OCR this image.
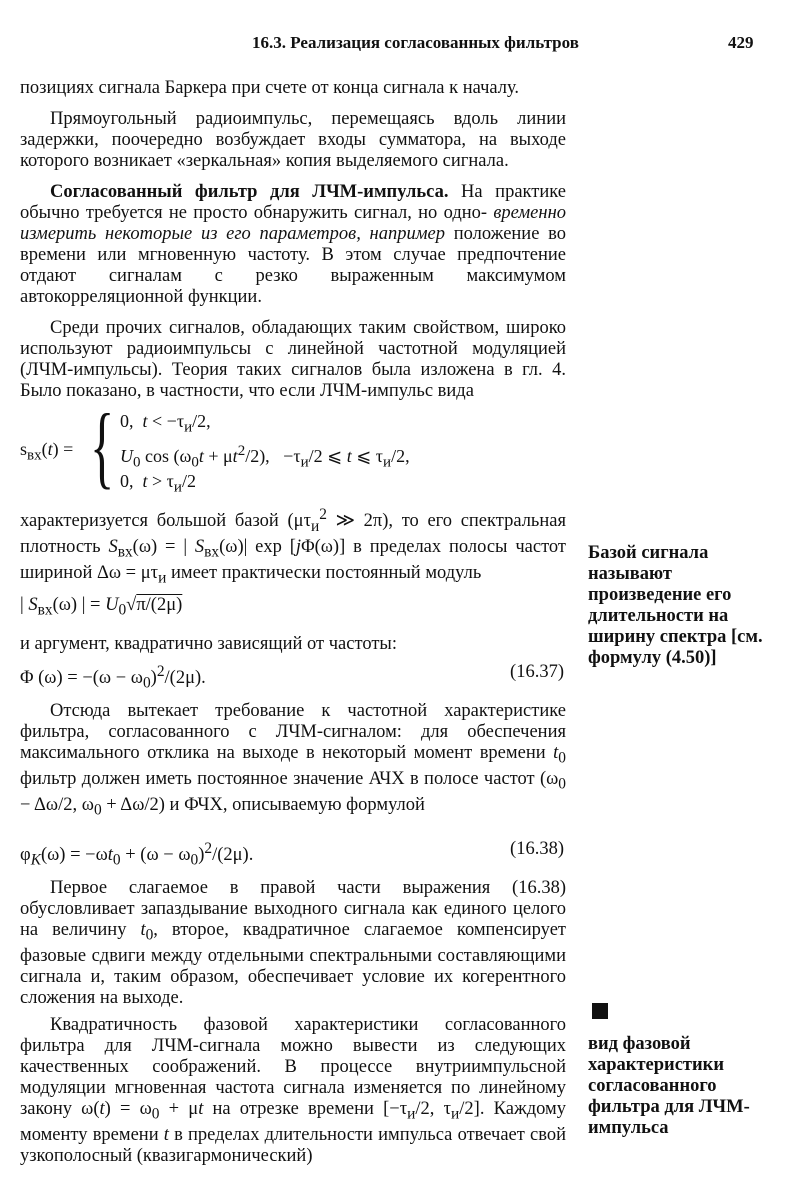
16.3. Реализация согласованных фильтров	429

позициях сигнала Баркера при счете от конца сигнала к началу.

Прямоугольный радиоимпульс, перемещаясь вдоль линии задержки, поочередно возбуждает входы сумматора, на выходе которого возникает «зеркальная» копия выделяемого сигнала.

Согласованный фильтр для ЛЧМ-импульса. На практике обычно требуется не просто обнаружить сигнал, но одно- временно измерить некоторые из его параметров, например положение во времени или мгновенную частоту. В этом случае предпочтение отдают сигналам с резко выраженным максимумом автокорреляционной функции.

Среди прочих сигналов, обладающих таким свойством, широко используют радиоимпульсы с линейной частотной модуляцией (ЛЧМ-импульсы). Теория таких сигналов была изложена в гл. 4. Было показано, в частности, что если ЛЧМ-импульс вида

$s_{вх}(t)$ = { 0,  $t < -\tau_и/2$,
$U_0$ $\cos (\omega_0t + \mu t^2/2)$,   $-\tau_и/2$ ⩽ t ⩽ $\tau_и/2$,
0,  $t > \tau_и/2$

характеризуется большой базой ($\mu\tau_и^2$ ≫ 2π), то его спектральная плотность $S_{вх}(\omega)$ = | $S_{вх}(\omega)|$ exp [jΦ(ω)] в пределах полосы частот шириной $\Delta\omega = \mu\tau_и$ имеет практически постоянный модуль

| $S_{вх}(\omega)$ | = $U_0√\pi/(2\mu)$

и аргумент, квадратично зависящий от частоты:

Φ $(\omega) = -(\omega - \omega_0)^2/(2\mu)$.	(16.37)

Отсюда вытекает требование к частотной характеристике фильтра, согласованного с ЛЧМ-сигналом: для обеспечения максимального отклика на выходе в некоторый момент времени $t_0$ фильтр должен иметь постоянное значение АЧХ в полосе частот ($\omega_0 - \Delta\omega/2$, $\omega_0 + \Delta\omega/2$) и ФЧХ, описываемую формулой

$\varphi_K(\omega) = -\omega t_0 + (\omega - \omega_0)^2/(2\mu)$.	(16.38)

Первое слагаемое в правой части выражения (16.38) обусловливает запаздывание выходного сигнала как единого целого на величину $t_0$, второе, квадратичное слагаемое компенсирует фазовые сдвиги между отдельными спектральными составляющими сигнала и, таким образом, обеспечивает условие их когерентного сложения на выходе.

Квадратичность фазовой характеристики согласованного фильтра для ЛЧМ-сигнала можно вывести из следующих качественных соображений. В процессе внутриимпульсной модуляции мгновенная частота сигнала изменяется по линейному закону $\omega(t) = \omega_0 + \mu t$ на отрезке времени [$-\tau_и/2$, $\tau_и/2$]. Каждому моменту времени t в пределах длительности импульса отвечает свой узкополосный (квазигармонический)

Базой сигнала называют произведение его длительности на ширину спектра [см. формулу (4.50)]
вид фазовой характеристики согласованного фильтра для ЛЧМ-импульса
